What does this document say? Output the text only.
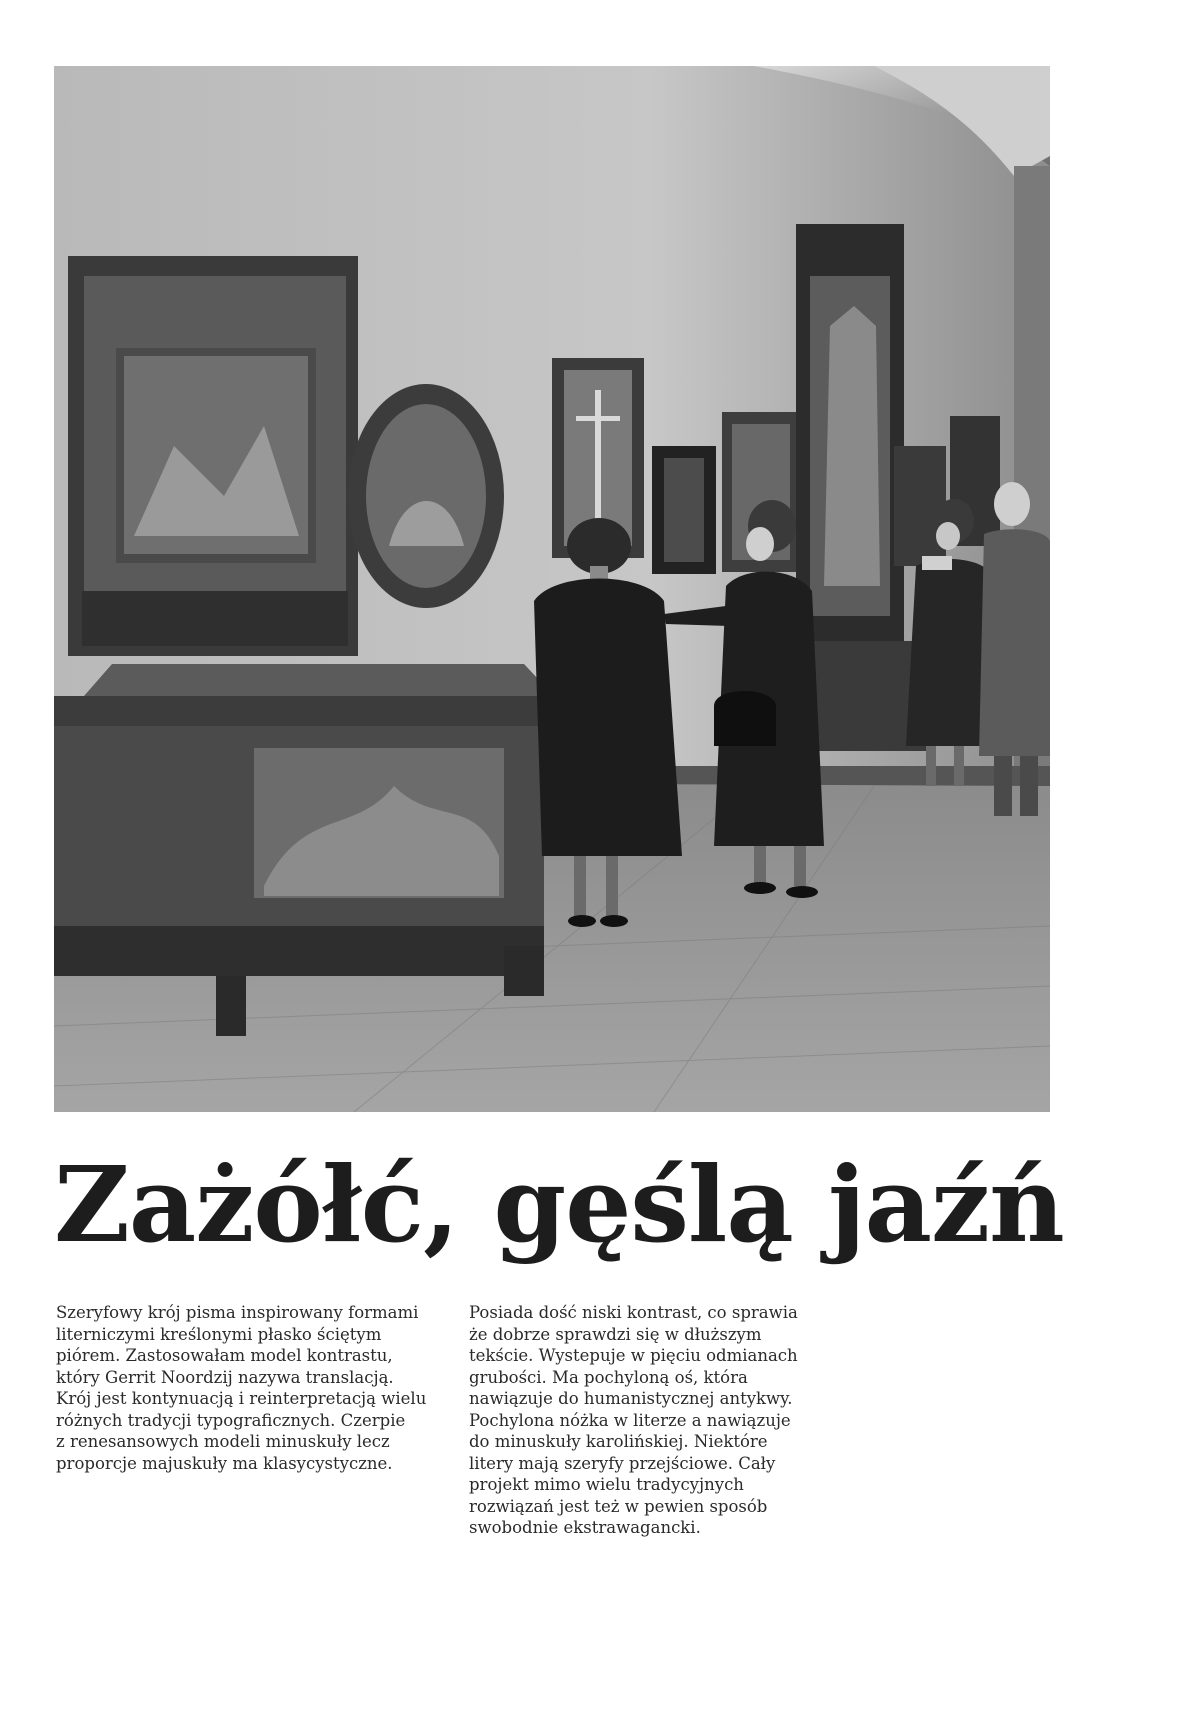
Zażółć, gęślą jaźń

Szeryfowy krój pisma inspirowany formami
literniczymi kreślonymi płasko ściętym
piórem. Zastosowałam model kontrastu,
który Gerrit Noordzij nazywa translacją.
Krój jest kontynuacją i reinterpretacją wielu
różnych tradycji typograficznych. Czerpie
z renesansowych modeli minuskuły lecz
proporcje majuskuły ma klasycystyczne.

Posiada dość niski kontrast, co sprawia
że dobrze sprawdzi się w dłuższym
tekście. Wystepuje w pięciu odmianach
grubości. Ma pochyloną oś, która
nawiązuje do humanistycznej antykwy.
Pochylona nóżka w literze a nawiązuje
do minuskuły karolińskiej. Niektóre
litery mają szeryfy przejściowe. Cały
projekt mimo wielu tradycyjnych
rozwiązań jest też w pewien sposób
swobodnie ekstrawagancki.
